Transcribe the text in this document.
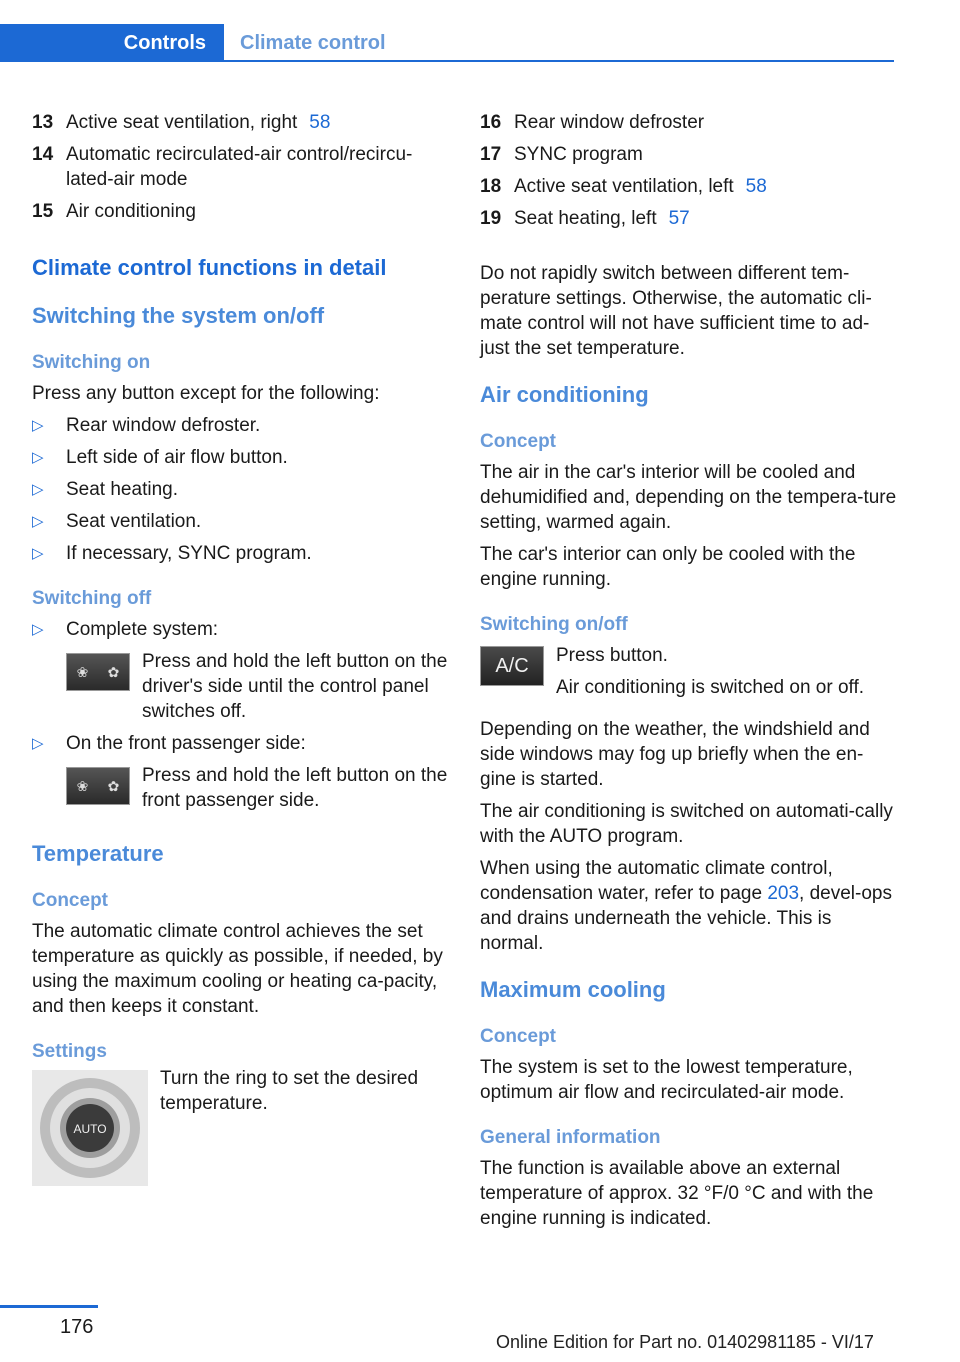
Controls	Climate control
13 Active seat ventilation, right 58
14 Automatic recirculated-air control/recircu-lated-air mode
15 Air conditioning
Climate control functions in detail
Switching the system on/off
Switching on
Press any button except for the following:
▷	Rear window defroster.
▷	Left side of air flow button.
▷	Seat heating.
▷	Seat ventilation.
▷	If necessary, SYNC program.
Switching off
▷	Complete system:
❀ ✿ Press and hold the left button on the driver's side until the control panel switches off.
▷	On the front passenger side:
❀ ✿ Press and hold the left button on the front passenger side.
Temperature
Concept
The automatic climate control achieves the set temperature as quickly as possible, if needed, by using the maximum cooling or heating ca-pacity, and then keeps it constant.
Settings
AUTO
Turn the ring to set the desired temperature.
16 Rear window defroster
17 SYNC program
18 Active seat ventilation, left 58
19 Seat heating, left 57
Do not rapidly switch between different tem-perature settings. Otherwise, the automatic cli-mate control will not have sufficient time to ad-just the set temperature.
Air conditioning
Concept
The air in the car's interior will be cooled and dehumidified and, depending on the tempera-ture setting, warmed again.
The car's interior can only be cooled with the engine running.
Switching on/off
A/C	Press button.
Air conditioning is switched on or off.
Depending on the weather, the windshield and side windows may fog up briefly when the en-gine is started.
The air conditioning is switched on automati-cally with the AUTO program.
When using the automatic climate control, condensation water, refer to page 203, devel-ops and drains underneath the vehicle. This is normal.
Maximum cooling
Concept
The system is set to the lowest temperature, optimum air flow and recirculated-air mode.
General information
The function is available above an external temperature of approx. 32 °F/0 °C and with the engine running is indicated.
176
Online Edition for Part no. 01402981185 - VI/17
